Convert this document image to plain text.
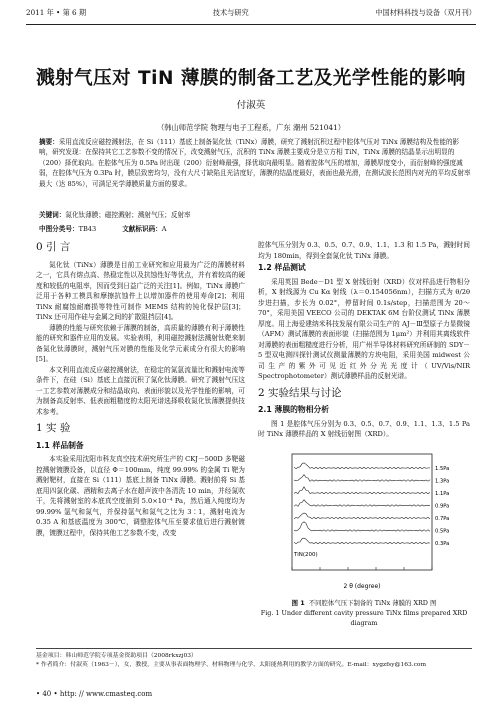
2011 年 • 第 6 期	技术与研究	中国材料科技与设备（双月刊）
溅射气压对 TiN 薄膜的制备工艺及光学性能的影响
付淑英
（韩山师范学院 物理与电子工程系，广东 潮州 521041）
摘要：采用直流反应磁控溅射法，在 Si（111）基底上制备氮化钛（TiNx）薄膜，研究了溅射沉积过程中腔体气压对 TiNx 薄膜结构及性能的影响，研究发现：在保持其它工艺参数不变的情况下，改变溅射气压，沉积的 TiNx 薄膜主要成分是立方相 TiN，TiNx 薄膜的结晶显示出明显的（200）择优取向。在腔体气压为 0.5Pa 时出现（200）衍射峰最强，择优取向最明显。随着腔体气压的增加，薄膜厚度变小，而衍射峰的强度减弱，在腔体气压为 0.3Pa 时，膜层致密均匀，没有大尺寸缺陷且光洁度好，薄膜的结晶度最好，表面也最光滑，在测试波长范围内对光的平均反射率最大（达 85%），可满足光学薄膜质量方面的要求。
关键词：氮化钛薄膜；磁控溅射；溅射气压；反射率
中图分类号：TB43	文献标识码：A
0 引 言

氮化钛（TiNx）薄膜是目前工业研究和应用最为广泛的薄膜材料之一，它具有熔点高、热稳定性以及抗蚀性好等优点，并有着较高的硬度和较低的电阻率，因而受到日益广泛的关注[1]。例如，TiNx 薄膜广泛用于各种工模具和摩擦抗蚀件上以增加器件的使用寿命[2]；利用 TiNx 耐腐蚀耐磨损等特性可制作 MEMS 结构的钝化保护层[3]；TiNx 还可用作硅与金属之间的扩散阻挡层[4]。

薄膜的性能与研究依赖于薄膜的制备，高质量的薄膜有利于薄膜性能的研究和器件应用的发展。实验表明，利用磁控溅射法溅射钛靶来制备氮化钛薄膜时，溅射气压对膜的性能及化学元素成分有很大的影响[5]。

本文利用直流反应磁控溅射法，在稳定的氮氩流量比和溅射电流等条件下，在硅（Si）基底上直接沉积了氮化钛薄膜。研究了溅射气压这一工艺参数对薄膜成分和结晶取向、表面形貌以及光学性能的影响，可为制备高反射率、低表面粗糙度的太阳光谱选择吸收氮化钛薄膜提供技术参考。

1 实 验
1.1 样品制备

本实验采用沈阳市科友真空技术研究所生产的 CKJ－500D 多靶磁控溅射镀膜设备，以直径 Φ＝100mm，纯度 99.99% 的金属 Ti 靶为溅射靶材，直接在 Si（111）基底上制备 TiNx 薄膜。溅射前将 Si 基底用四氯化碳、酒精和去离子水在超声波中各清洗 10 min，并经氮吹干，先将溅射室的本底真空度抽到 5.0×10⁻⁴ Pa，然后通入纯度均为 99.99% 氩气和氮气，并保持氩气和氮气之比为 3∶1，溅射电流为 0.35 A 和基底温度为 300℃，调整腔体气压至要求值后进行溅射镀膜，镀膜过程中，保持其他工艺参数不变，改变

腔体气压分别为 0.3、0.5、0.7、0.9、1.1、1.3 和 1.5 Pa，溅射时间均为 180min，得到全套氮化钛 TiNx 薄膜。

1.2 样品测试

采用英国 Bede－D1 型 X 射线衍射（XRD）仪对样品进行物相分析，X 射线源为 Cu Kα 射线（λ＝0.154056nm），扫描方式为 θ/2θ 步进扫描，步长为 0.02°，停留时间 0.1s/step，扫描范围为 20～70°，采用美国 VEECO 公司的 DEKTAK 6M 台阶仪测试 TiNx 薄膜厚度。用上海爱建纳米科技发展有限公司生产的 AJ－Ⅲ型原子力显微镜（AFM）测试薄膜的表面形貌（扫描范围为 1μm²）并利用其离线软件对薄膜的表面粗糙度进行分析，用广州半导体材料研究所研制的 SDY－5 型双电测四探针测试仪测量薄膜的方块电阻，采用美国 midwest 公司生产的紫外可见近红外分光光度计（UV/Vis/NIR Spectrophotometer）测试薄膜样品的反射光谱。

2 实验结果与讨论
2.1 薄膜的物相分析

图 1 是腔体气压分别为 0.3、0.5、0.7、0.9、1.1、1.3、1.5 Pa 时 TiNx 薄膜样品的 X 射线衍射图（XRD）。

1.5Pa
1.3Pa
1.1Pa
0.9Pa
0.7Pa
0.5Pa
0.3Pa
TiN(200)
2 θ (degree)
图 1 不同腔体气压下制备的 TiNx 薄膜的 XRD 图
Fig. 1 Under different cavity pressure TiNx films prepared XRD diagram
基金项目：韩山师范学院专项基金资助项目（2008rkxzj03）
* 作者简介：付淑英（1963－），女，教授，主要从事表面物理学、材料物理与化学、太阳能热利用的教学方面的研究。E-mail：xygzfsy@163.com
• 40 • http: // www.cmasteq.com
